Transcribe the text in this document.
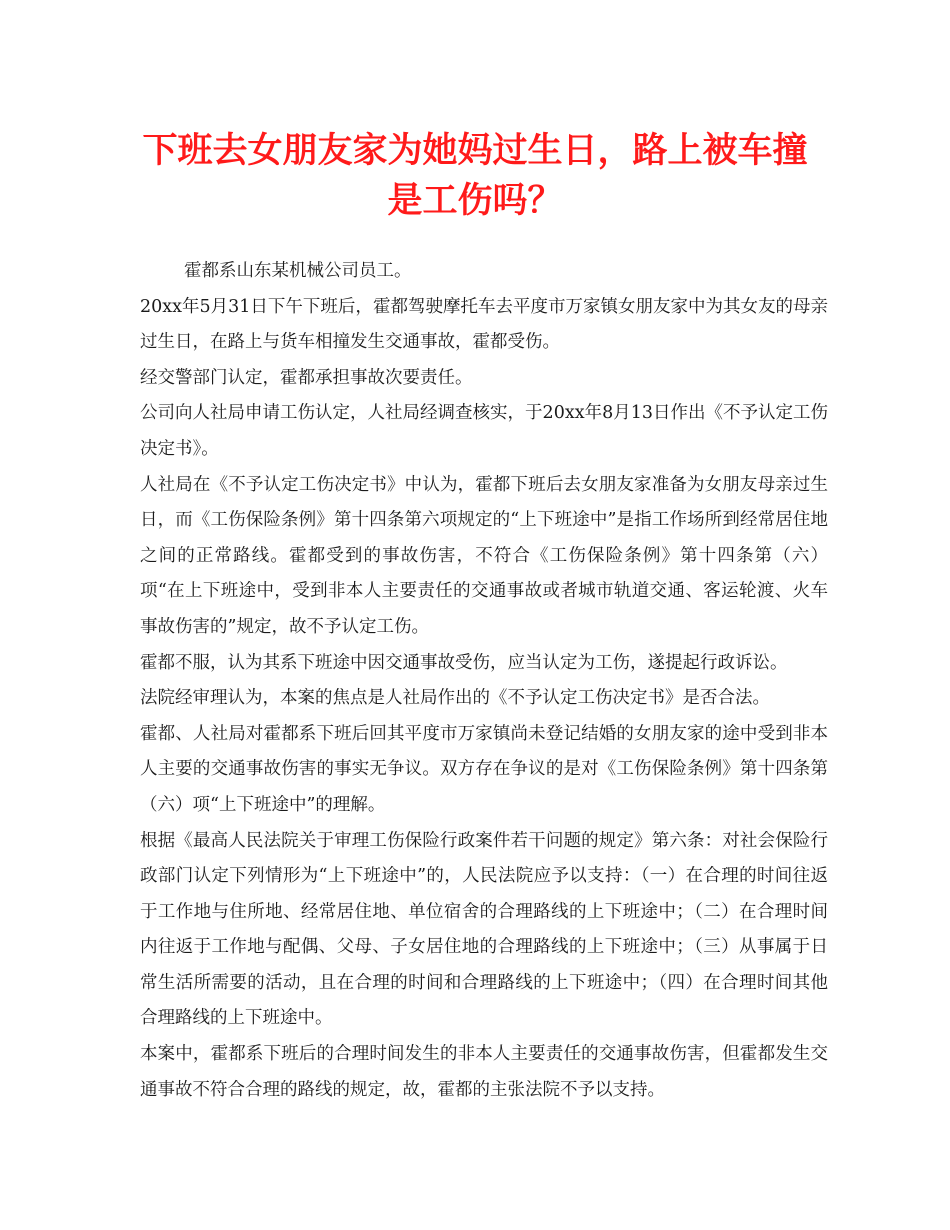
下班去女朋友家为她妈过生日，路上被车撞
是工伤吗？

霍都系山东某机械公司员工。

20xx年5月31日下午下班后，霍都驾驶摩托车去平度市万家镇女朋友家中为其女友的母亲过生日，在路上与货车相撞发生交通事故，霍都受伤。

经交警部门认定，霍都承担事故次要责任。

公司向人社局申请工伤认定，人社局经调查核实，于20xx年8月13日作出《不予认定工伤决定书》。

人社局在《不予认定工伤决定书》中认为，霍都下班后去女朋友家准备为女朋友母亲过生日，而《工伤保险条例》第十四条第六项规定的“上下班途中”是指工作场所到经常居住地之间的正常路线。霍都受到的事故伤害，不符合《工伤保险条例》第十四条第（六）项“在上下班途中，受到非本人主要责任的交通事故或者城市轨道交通、客运轮渡、火车事故伤害的”规定，故不予认定工伤。

霍都不服，认为其系下班途中因交通事故受伤，应当认定为工伤，遂提起行政诉讼。

法院经审理认为，本案的焦点是人社局作出的《不予认定工伤决定书》是否合法。

霍都、人社局对霍都系下班后回其平度市万家镇尚未登记结婚的女朋友家的途中受到非本人主要的交通事故伤害的事实无争议。双方存在争议的是对《工伤保险条例》第十四条第（六）项“上下班途中”的理解。

根据《最高人民法院关于审理工伤保险行政案件若干问题的规定》第六条：对社会保险行政部门认定下列情形为“上下班途中”的，人民法院应予以支持：（一）在合理的时间往返于工作地与住所地、经常居住地、单位宿舍的合理路线的上下班途中；（二）在合理时间内往返于工作地与配偶、父母、子女居住地的合理路线的上下班途中；（三）从事属于日常生活所需要的活动，且在合理的时间和合理路线的上下班途中；（四）在合理时间其他合理路线的上下班途中。

本案中，霍都系下班后的合理时间发生的非本人主要责任的交通事故伤害，但霍都发生交通事故不符合合理的路线的规定，故，霍都的主张法院不予以支持。
